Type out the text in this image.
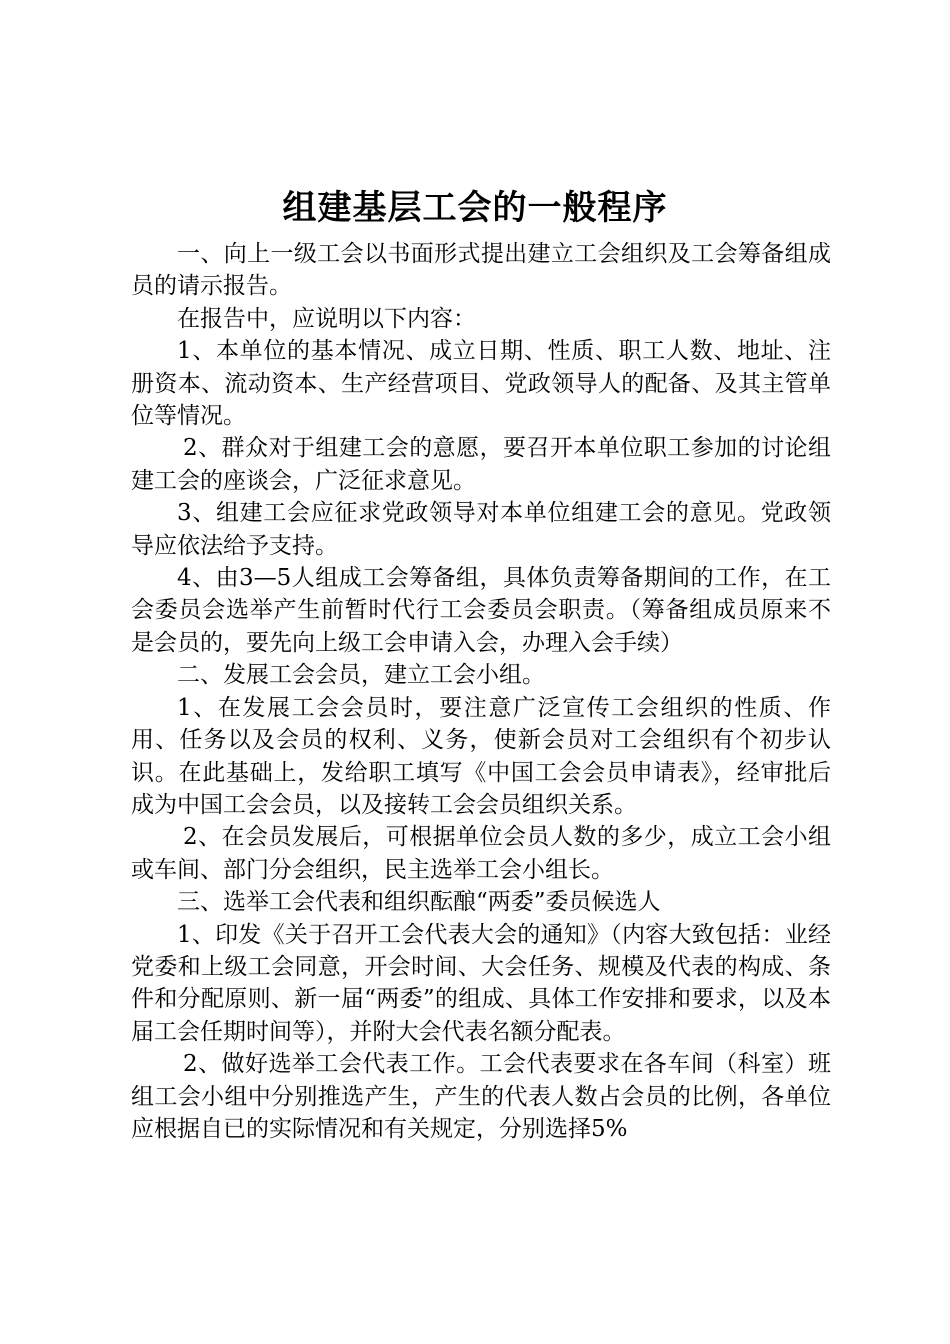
组建基层工会的一般程序

一、向上一级工会以书面形式提出建立工会组织及工会筹备组成员的请示报告。

在报告中，应说明以下内容：

1、本单位的基本情况、成立日期、性质、职工人数、地址、注册资本、流动资本、生产经营项目、党政领导人的配备、及其主管单位等情况。

2、群众对于组建工会的意愿，要召开本单位职工参加的讨论组建工会的座谈会，广泛征求意见。

3、组建工会应征求党政领导对本单位组建工会的意见。党政领导应依法给予支持。

4、由3—5人组成工会筹备组，具体负责筹备期间的工作，在工会委员会选举产生前暂时代行工会委员会职责。（筹备组成员原来不是会员的，要先向上级工会申请入会，办理入会手续）

二、发展工会会员，建立工会小组。

1、在发展工会会员时，要注意广泛宣传工会组织的性质、作用、任务以及会员的权利、义务，使新会员对工会组织有个初步认识。在此基础上，发给职工填写《中国工会会员申请表》，经审批后成为中国工会会员，以及接转工会会员组织关系。

2、在会员发展后，可根据单位会员人数的多少，成立工会小组或车间、部门分会组织，民主选举工会小组长。

三、选举工会代表和组织酝酿“两委”委员候选人

1、印发《关于召开工会代表大会的通知》（内容大致包括：业经党委和上级工会同意，开会时间、大会任务、规模及代表的构成、条件和分配原则、新一届“两委”的组成、具体工作安排和要求，以及本届工会任期时间等），并附大会代表名额分配表。

2、做好选举工会代表工作。工会代表要求在各车间（科室）班组工会小组中分别推选产生，产生的代表人数占会员的比例，各单位应根据自已的实际情况和有关规定，分别选择5%
